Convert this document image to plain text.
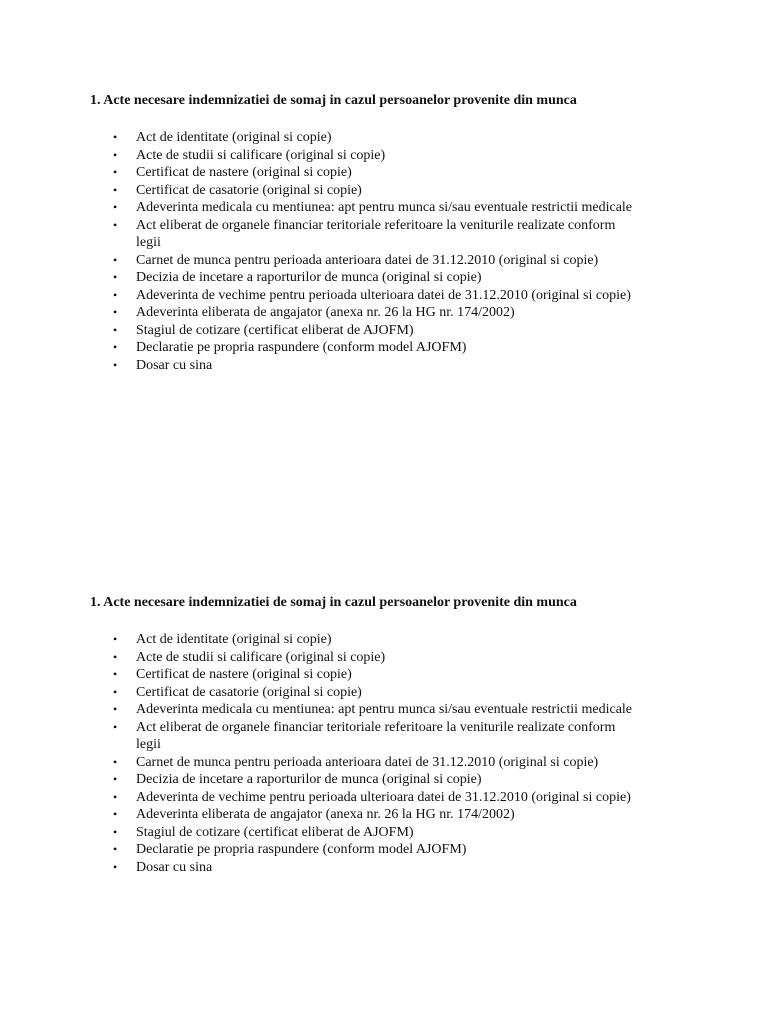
1. Acte necesare indemnizatiei de somaj in cazul persoanelor provenite din munca
• Act de identitate (original si copie)
• Acte de studii si calificare (original si copie)
• Certificat de nastere (original si copie)
• Certificat de casatorie (original si copie)
• Adeverinta medicala cu mentiunea: apt pentru munca si/sau eventuale restrictii medicale
• Act eliberat de organele financiar teritoriale referitoare la veniturile realizate conform
legii
• Carnet de munca pentru perioada anterioara datei de 31.12.2010 (original si copie)
• Decizia de incetare a raporturilor de munca (original si copie)
• Adeverinta de vechime pentru perioada ulterioara datei de 31.12.2010 (original si copie)
• Adeverinta eliberata de angajator (anexa nr. 26 la HG nr. 174/2002)
• Stagiul de cotizare (certificat eliberat de AJOFM)
• Declaratie pe propria raspundere (conform model AJOFM)
• Dosar cu sina
1. Acte necesare indemnizatiei de somaj in cazul persoanelor provenite din munca
• Act de identitate (original si copie)
• Acte de studii si calificare (original si copie)
• Certificat de nastere (original si copie)
• Certificat de casatorie (original si copie)
• Adeverinta medicala cu mentiunea: apt pentru munca si/sau eventuale restrictii medicale
• Act eliberat de organele financiar teritoriale referitoare la veniturile realizate conform
legii
• Carnet de munca pentru perioada anterioara datei de 31.12.2010 (original si copie)
• Decizia de incetare a raporturilor de munca (original si copie)
• Adeverinta de vechime pentru perioada ulterioara datei de 31.12.2010 (original si copie)
• Adeverinta eliberata de angajator (anexa nr. 26 la HG nr. 174/2002)
• Stagiul de cotizare (certificat eliberat de AJOFM)
• Declaratie pe propria raspundere (conform model AJOFM)
• Dosar cu sina
